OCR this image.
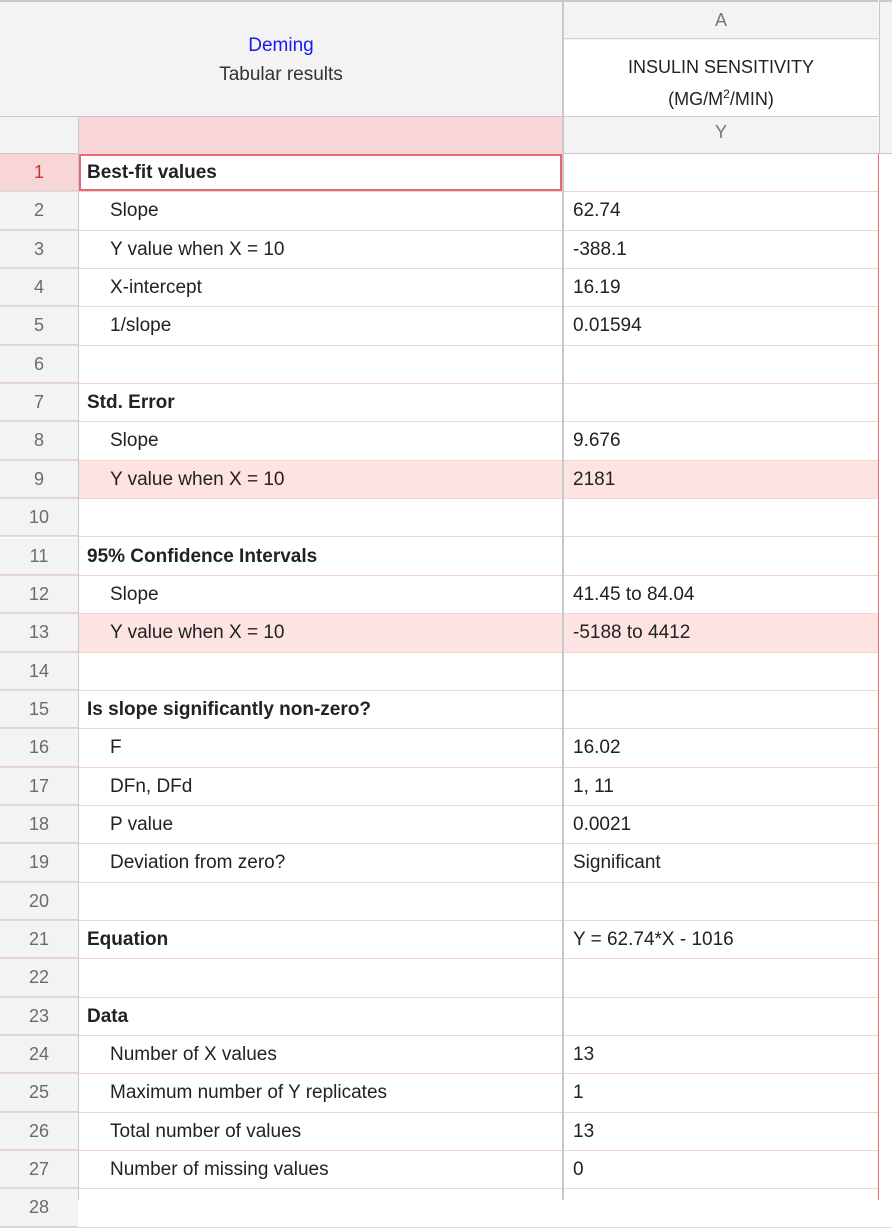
Deming
Tabular results
A
INSULIN SENSITIVITY
$(MG/M^2/MIN)$
Y
1	Best-fit values
2	Slope	62.74
3	Y value when X = 10	-388.1
4	X-intercept	16.19
5	1/slope	0.01594
6
7	Std. Error
8	Slope	9.676
9	Y value when X = 10	2181
10
11	95% Confidence Intervals
12	Slope	41.45 to 84.04
13	Y value when X = 10	-5188 to 4412
14
15	Is slope significantly non-zero?
16	F	16.02
17	DFn, DFd	1, 11
18	P value	0.0021
19	Deviation from zero?	Significant
20
21	Equation	Y = 62.74*X - 1016
22
23	Data
24	Number of X values	13
25	Maximum number of Y replicates	1
26	Total number of values	13
27	Number of missing values	0
28
